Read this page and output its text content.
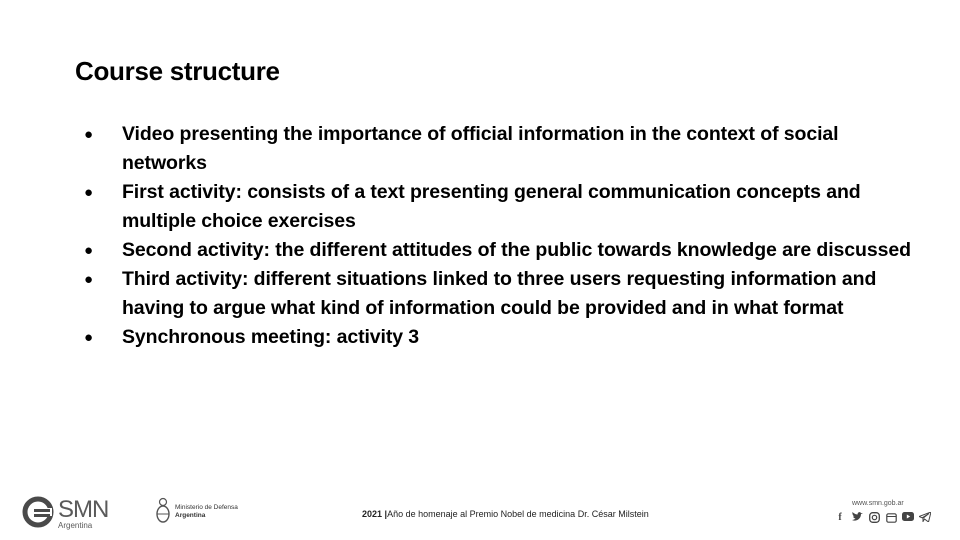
Course structure
● Video presenting the importance of official information in the context of social networks
● First activity: consists of a text presenting general communication concepts and multiple choice exercises
● Second activity: the different attitudes of the public towards knowledge are discussed
● Third activity: different situations linked to three users requesting information and having to argue what kind of information could be provided and in what format
● Synchronous meeting: activity 3
SMN
Argentina
Ministerio de Defensa
Argentina	2021 |Año de homenaje al Premio Nobel de medicina Dr. César Milstein
www.smn.gob.ar
f
